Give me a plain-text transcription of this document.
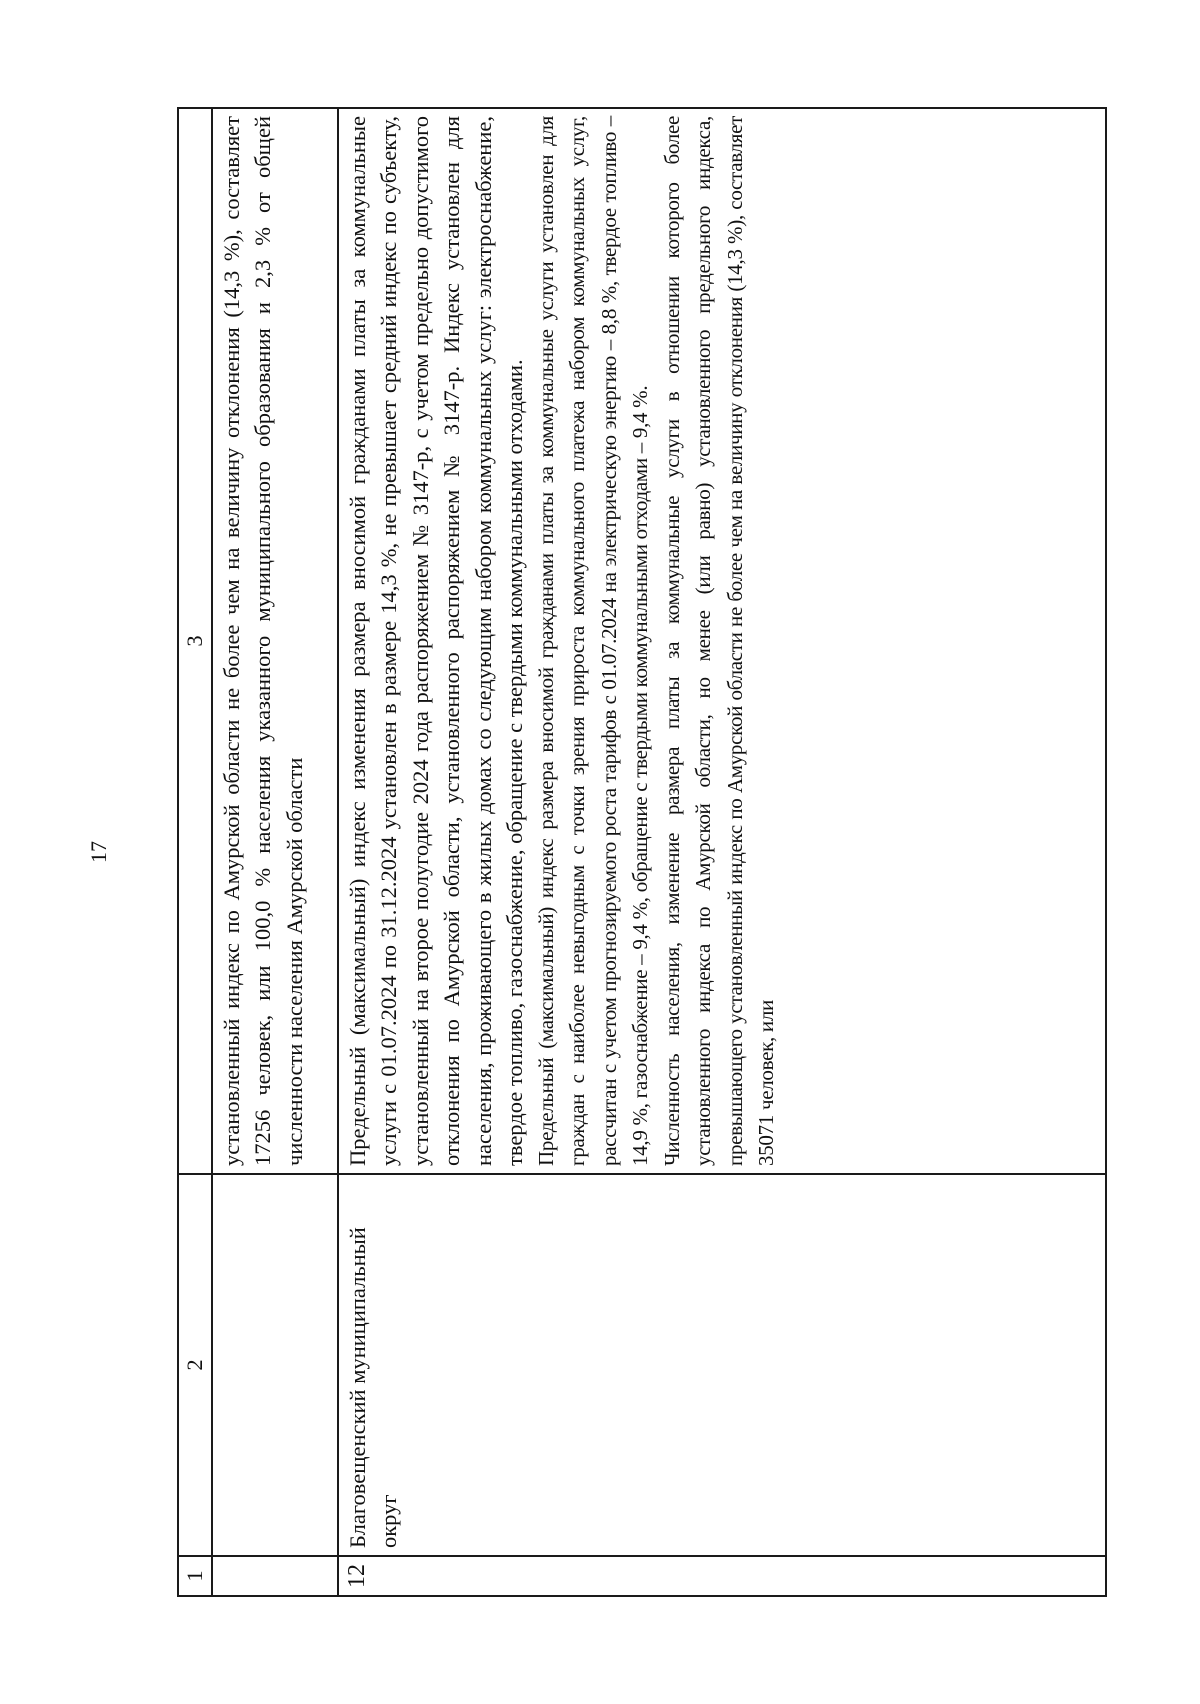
17
1	2	3

		установленный индекс по Амурской области не более чем на величину отклонения (14,3 %), составляет 17256 человек, или 100,0 % населения указанного муниципального образования и 2,3 % от общей численности населения Амурской области

12	Благовещенский муниципальный округ	Предельный (максимальный) индекс изменения размера вносимой гражданами платы за коммунальные услуги с 01.07.2024 по 31.12.2024 установлен в размере 14,3 %, не превышает средний индекс по субъекту, установленный на второе полугодие 2024 года распоряжением № 3147-р, с учетом предельно допустимого отклонения по Амурской области, установленного распоряжением № 3147-р. Индекс установлен для населения, проживающего в жилых домах со следующим набором коммунальных услуг: электроснабжение, твердое топливо, газоснабжение, обращение с твердыми коммунальными отходами. Предельный (максимальный) индекс размера вносимой гражданами платы за коммунальные услуги установлен для граждан с наиболее невыгодным с точки зрения прироста коммунального платежа набором коммунальных услуг, рассчитан с учетом прогнозируемого роста тарифов с 01.07.2024 на электрическую энергию – 8,8 %, твердое топливо – 14,9 %, газоснабжение – 9,4 %, обращение с твердыми коммунальными отходами – 9,4 %. Численность населения, изменение размера платы за коммунальные услуги в отношении которого более установленного индекса по Амурской области, но менее (или равно) установленного предельного индекса, превышающего установленный индекс по Амурской области не более чем на величину отклонения (14,3 %), составляет 35071 человек, или
